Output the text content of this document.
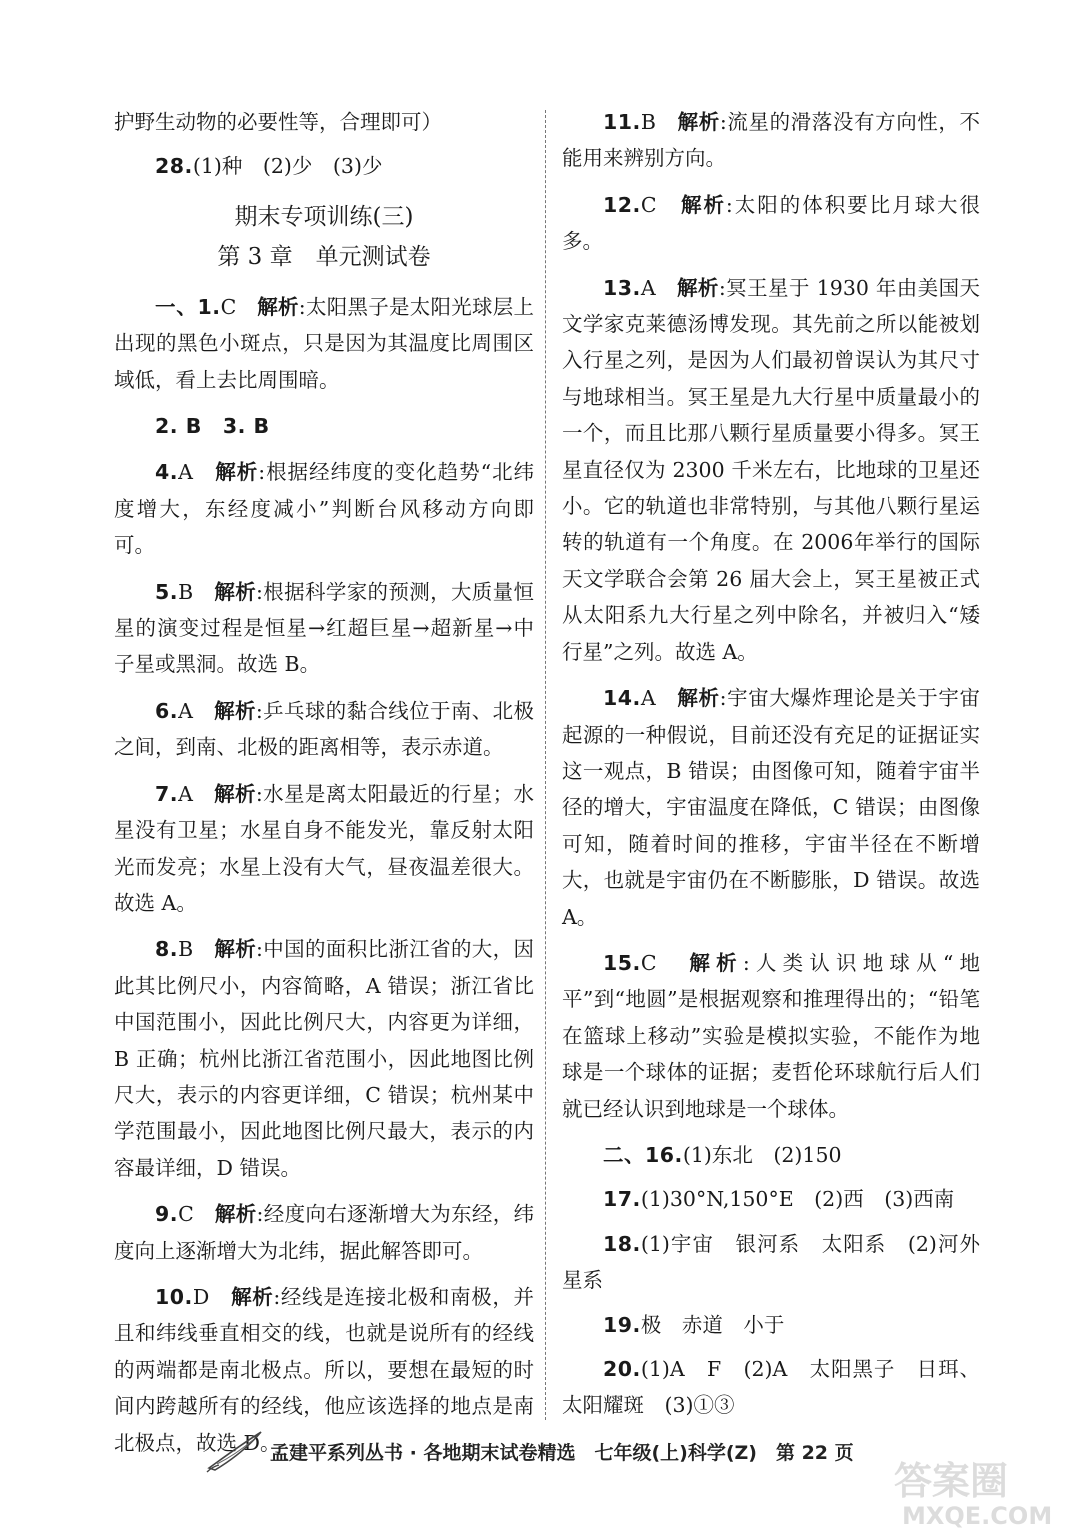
护野生动物的必要性等，合理即可）

28.(1)种　(2)少　(3)少

期末专项训练(三)
第 3 章　单元测试卷

一、1.C　 解析:太阳黑子是太阳光球层上出现的黑色小斑点，只是因为其温度比周围区域低，看上去比周围暗。

2. B　3. B

4.A　 解析:根据经纬度的变化趋势“北纬度增大，东经度减小”判断台风移动方向即可。

5.B　 解析:根据科学家的预测，大质量恒星的演变过程是恒星→红超巨星→超新星→中子星或黑洞。故选 B。

6.A　 解析:乒乓球的黏合线位于南、北极之间，到南、北极的距离相等，表示赤道。

7.A　 解析:水星是离太阳最近的行星；水星没有卫星；水星自身不能发光，靠反射太阳光而发亮；水星上没有大气，昼夜温差很大。故选 A。

8.B　 解析:中国的面积比浙江省的大，因此其比例尺小，内容简略，A 错误；浙江省比中国范围小，因此比例尺大，内容更为详细，B 正确；杭州比浙江省范围小，因此地图比例尺大，表示的内容更详细，C 错误；杭州某中学范围最小，因此地图比例尺最大，表示的内容最详细，D 错误。

9.C　 解析:经度向右逐渐增大为东经，纬度向上逐渐增大为北纬，据此解答即可。

10.D　 解析:经线是连接北极和南极，并且和纬线垂直相交的线，也就是说所有的经线的两端都是南北极点。所以，要想在最短的时间内跨越所有的经线，他应该选择的地点是南北极点，故选 D。

11.B　 解析:流星的滑落没有方向性，不能用来辨别方向。

12.C　 解析:太阳的体积要比月球大很多。

13.A　 解析:冥王星于 1930 年由美国天文学家克莱德汤博发现。其先前之所以能被划入行星之列，是因为人们最初曾误认为其尺寸与地球相当。冥王星是九大行星中质量最小的一个，而且比那八颗行星质量要小得多。冥王星直径仅为 2300 千米左右，比地球的卫星还小。它的轨道也非常特别，与其他八颗行星运转的轨道有一个角度。在 2006年举行的国际天文学联合会第 26 届大会上，冥王星被正式从太阳系九大行星之列中除名，并被归入“矮行星”之列。故选 A。

14.A　 解析:宇宙大爆炸理论是关于宇宙起源的一种假说，目前还没有充足的证据证实这一观点，B 错误；由图像可知，随着宇宙半径的增大，宇宙温度在降低，C 错误；由图像可知，随着时间的推移，宇宙半径在不断增大，也就是宇宙仍在不断膨胀，D 错误。故选 A。

15.C　 解析:人类认识地球从“地平”到“地圆”是根据观察和推理得出的；“铅笔在篮球上移动”实验是模拟实验，不能作为地球是一个球体的证据；麦哲伦环球航行后人们就已经认识到地球是一个球体。

二、16.(1)东北　(2)150

17.(1)30°N,150°E　(2)西　(3)西南

18.(1)宇宙　银河系　太阳系　(2)河外星系

19.极　赤道　小于

20.(1)A　F　(2)A　太阳黑子　日珥、太阳耀斑　(3)①③

孟建平系列丛书 · 各地期末试卷精选　七年级(上)科学(Z)　第 22 页
答案圈
MXQE.COM
